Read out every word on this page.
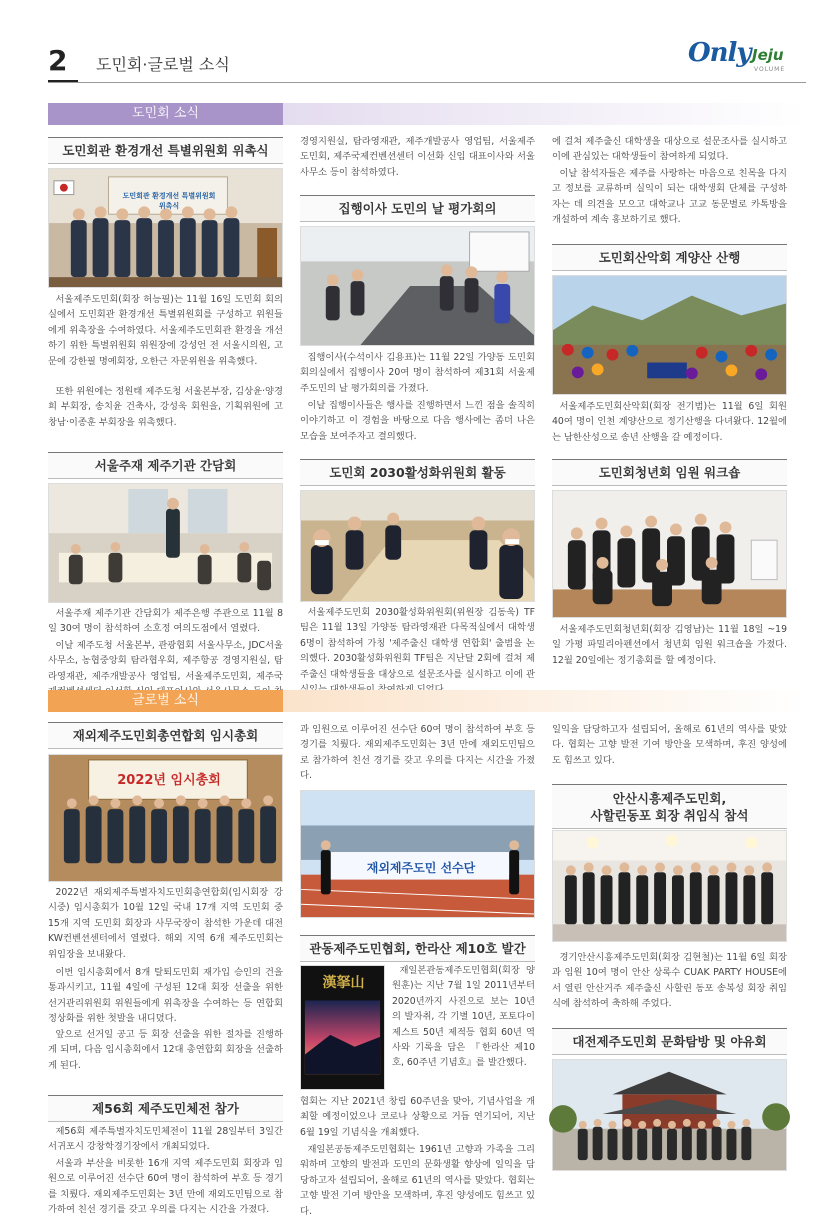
2 도민회·글로벌 소식	Only Jeju
VOLUME
도민회 소식
도민회관 환경개선 특별위원회 위촉식
도민회관 환경개선 특별위원회 위촉식
서울제주도민회(회장 허능필)는 11월 16일 도민회 회의실에서 도민회관 환경개선 특별위원회를 구성하고 위원들에게 위촉장을 수여하였다. 서울제주도민회관 환경을 개선하기 위한 특별위원회 위원장에 강성언 전 서울시의원, 고문에 강한필 명예회장, 오한근 자문위원을 위촉했다.
또한 위원에는 정원태 제주도청 서울본부장, 김상윤·양경희 부회장, 송치윤 건축사, 강성욱 회원을, 기획위원에 고창남·이종훈 부회장을 위촉했다.
서울주재 제주기관 간담회
서울주재 제주기관 간담회가 제주은행 주관으로 11월 8일 30여 명이 참석하여 소호정 여의도점에서 열렸다.
이날 제주도청 서울본부, 관광협회 서울사무소, JDC서울사무소, 농협중앙회 탐라협우회, 제주항공 경영지원실, 탐라영재관, 제주개발공사 영업팀, 서울제주도민회, 제주국
경영지원실, 탐라영재관, 제주개발공사 영업팀, 서울제주도민회, 제주국제컨벤션센터 이선화 신임 대표이사와 서울사무소 등이 참석하였다.
집행이사 도민의 날 평가회의
집행이사(수석이사 김용표)는 11월 22일 가양동 도민회 회의실에서 집행이사 20여 명이 참석하여 제31회 서울제주도민의 날 평가회의를 가졌다.
이날 집행이사들은 행사를 진행하면서 느낀 점을 솔직히 이야기하고 이 경험을 바탕으로 다음 행사에는 좀더 나은 모습을 보여주자고 결의했다.
도민회 2030활성화위원회 활동
서울제주도민회 2030활성화위원회(위원장 김동욱) TF팀은 11월 13일 가양동 탐라영재관 다목적실에서 대학생 6명이 참석하여 가칭 '제주출신 대학생 연합회' 출범을 논의했다. 2030활성화위원회 TF팀은 지난달 2회에 걸쳐 제주출신 대학생들을 대상으로 설문조사를 실시하고 이에 관
에 걸쳐 제주출신 대학생을 대상으로 설문조사를 실시하고 이에 관심있는 대학생들이 참여하게 되었다.
이날 참석자들은 제주를 사랑하는 마음으로 친목을 다지고 정보를 교류하며 실익이 되는 대학생회 단체를 구성하자는 데 의견을 모으고 대학교나 고교 동문별로 카톡방을 개설하여 계속 홍보하기로 했다.
도민회산악회 계양산 산행
서울제주도민회산악회(회장 전기범)는 11월 6일 회원 40여 명이 인천 계양산으로 정기산행을 다녀왔다. 12월에는 남한산성으로 송년 산행을 갈 예정이다.
도민회청년회 임원 워크숍
서울제주도민회청년회(회장 김영남)는 11월 18일 ~19일 가평 파밀리아펜션에서 청년회 임원 워크숍을 가졌다. 12월 20일에는 정기총회를 할 예정이다.
글로벌 소식
재외제주도민회총연합회 임시총회
2022년 임시총회
2022년 재외제주특별자치도민회총연합회(임시회장 강시중) 임시총회가 10월 12일 국내 17개 지역 도민회 중 15개 지역 도민회 회장과 사무국장이 참석한 가운데 대전 KW컨벤션센터에서 열렸다. 해외 지역 6개 제주도민회는 위임장을 보내왔다.
이번 임시총회에서 8개 탈퇴도민회 재가입 승인의 건을 통과시키고, 11월 4일에 구성된 12대 회장 선출을 위한 선거관리위원회 위원들에게 위촉장을 수여하는 등 연합회 정상화를 위한 첫발을 내디뎠다.
앞으로 선거일 공고 등 회장 선출을 위한 절차를 진행하게 되며, 다음 임시총회에서 12대 총연합회 회장을 선출하게 된다.
제56회 제주도민체전 참가
제56회 제주특별자치도민체전이 11월 28일부터 3일간 서귀포시 강창학경기장에서 개최되었다.
서울과 부산을 비롯한 16개 지역 제주도민회 회장과 임원으로 이루어진 선수단 60여 명이 참석하여 부호 등 경기를 치뤘다. 재외제주도민회는 3년 만에 재외도민팀으로 참가하여 친선 경기를 갖고 우의를 다지는 시간을 가졌다.
과 임원으로 이루어진 선수단 60여 명이 참석하여 부호 등 경기를 치뤘다. 재외제주도민회는 3년 만에 재외도민팀으로 참가하여 친선 경기를 갖고 우의를 다지는 시간을 가졌다.
재외제주도민 선수단
관동제주도민협회, 한라산 제10호 발간
漢拏山
재일본관동제주도민협회(회장 양원훈)는 지난 7월 1일 2011년부터 2020년까지 사진으로 보는 10년의 발자취, 각 기별 10년, 포토다이제스트 50년 제적등 협회 60년 역사와 기록을 담은 『한라산 제10호, 60주년 기념호』를 발간했다.
협회는 지난 2021년 창립 60주년을 맞아, 기념사업을 개최할 예정이었으나 코로나 상황으로 거듭 연기되어, 지난 6월 19일 기념식을 개최했다.
재일본공동제주도민협회는 1961년 고향과 가족을 그리워하며 고향의 발전과 도민의 문화생활 향상에 일익을 담당하고자 설립되어, 올해로 61년의 역사를 맞았다. 협회는 고향 발전 기여 방안을 모색하며, 후진 양성에도 힘쓰고 있다.
일익을 담당하고자 설립되어, 올해로 61년의 역사를 맞았다. 협회는 고향 발전 기여 방안을 모색하며, 후진 양성에도 힘쓰고 있다.
안산시흥제주도민회,
사할린동포 회장 취임식 참석
경기안산시흥제주도민회(회장 김현철)는 11월 6일 회장과 임원 10여 명이 안산 상록수 CUAK PARTY HOUSE에서 열린 안산거주 제주출신 사할린 동포 송복성 회장 취임식에 참석하여 축하해 주었다.
대전제주도민회 문화탐방 및 야유회
